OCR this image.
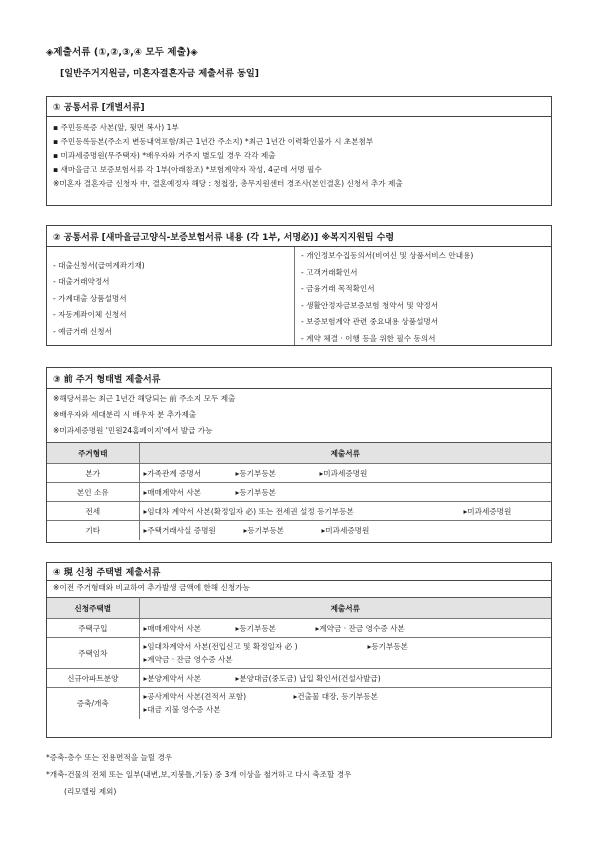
◈제출서류 (①,②,③,④ 모두 제출)◈
[일반주거지원금, 미혼자결혼자금 제출서류 동일]
① 공통서류 [개별서류]
▪ 주민등록증 사본(앞, 뒷면 복사) 1부
▪ 주민등록등본(주소지 변동내역포함/최근 1년간 주소지) *최근 1년간 이력확인불가 시 초본첨부
▪ 미과세증명원(무주택자) *배우자와 거주지 별도일 경우 각각 제출
▪ 새마을금고 보증보험서류 각 1부(아래참조) *보험계약자 작성, 4군데 서명 필수
※미혼자 결혼자금 신청자 中, 결혼예정자 해당 : 청첩장, 총무지원센터 경조사(본인결혼) 신청서 추가 제출
② 공통서류 [새마을금고양식-보증보험서류 내용 (각 1부, 서명必)] ※복지지원팀 수령
- 대출신청서(급여계좌기재)
- 대출거래약정서
- 가계대출 상품설명서
- 자동계좌이체 신청서
- 예금거래 신청서
- 개인정보수집동의서(비여신 및 상품서비스 안내용)
- 고객거래확인서
- 금융거래 목적확인서
- 생활안정자금보증보험 청약서 및 약정서
- 보증보험계약 관련 중요내용 상품설명서
- 계약 체결 · 이행 등을 위한 필수 동의서
③ 前 주거 형태별 제출서류
※해당서류는 최근 1년간 해당되는 前 주소지 모두 제출
※배우자와 세대분리 시 배우자 분 추가제출
※미과세증명원 '민원24홈페이지'에서 발급 가능
주거형태	제출서류
본가	▸가족관계 증명서 ▸등기부등본 ▸미과세증명원
본인 소유	▸매매계약서 사본 ▸등기부등본
전세	▸임대차 계약서 사본(확정일자 必) 또는 전세권 설정 등기부등본 ▸미과세증명원
기타	▸주택거래사실 증명원 ▸등기부등본 ▸미과세증명원
④ 現 신청 주택별 제출서류
※이전 주거형태와 비교하여 추가발생 금액에 한해 신청가능
신청주택별	제출서류
주택구입	▸매매계약서 사본 ▸등기부등본 ▸계약금 · 잔금 영수증 사본
주택임차	▸임대차계약서 사본(전입신고 및 확정일자 必 ) ▸등기부등본
▸계약금 · 잔금 영수증 사본

신규아파트분양	▸분양계약서 사본 ▸분양대금(중도금) 납입 확인서(건설사발급)
증축/개축	▸공사계약서 사본(견적서 포함) ▸건출물 대장, 등기부등본
▸대금 지불 영수증 사본
*증축-층수 또는 전용면적을 늘릴 경우
*개축-건물의 전체 또는 일부(내변,보,지붕틀,기둥) 중 3개 이상을 철거하고 다시 축조할 경우
(리모델링 제외)
